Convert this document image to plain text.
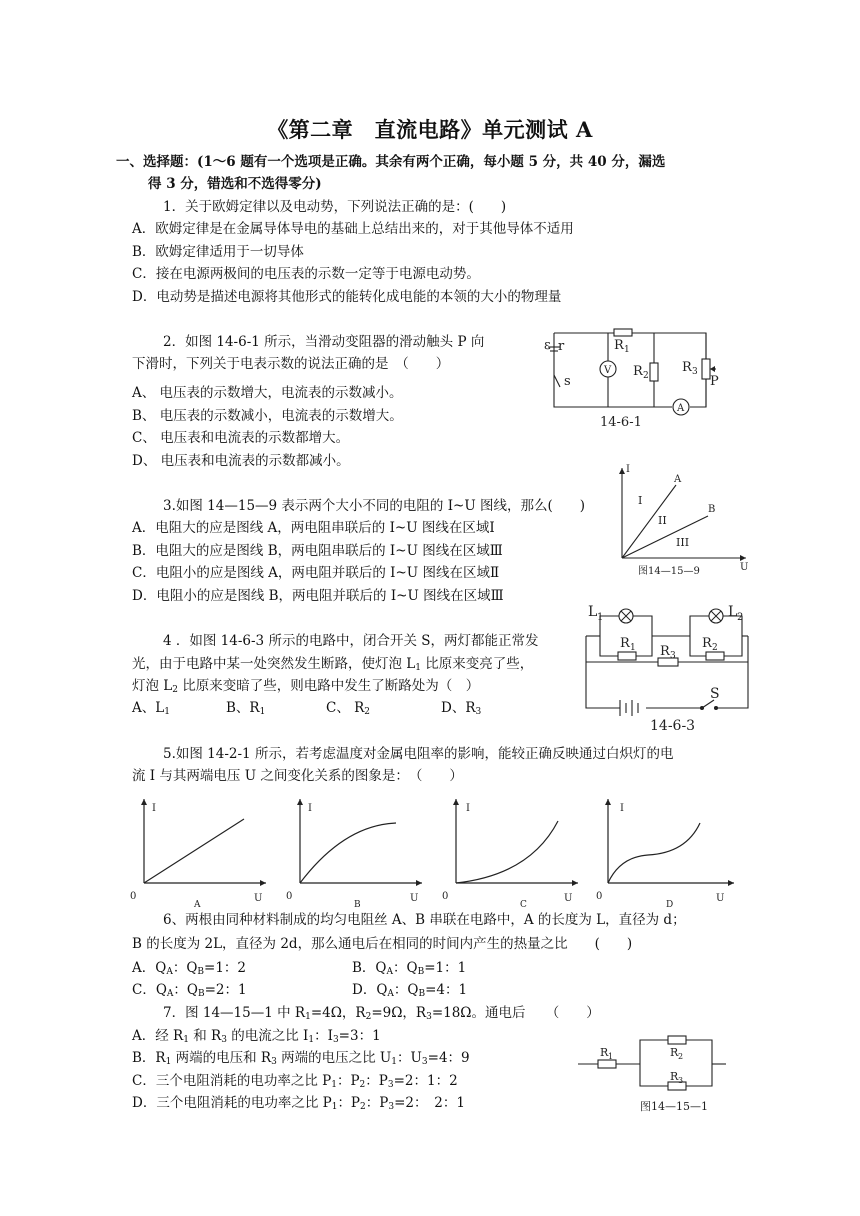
《第二章　直流电路》单元测试 A
一、选择题：(1～6 题有一个选项是正确。其余有两个正确，每小题 5 分，共 40 分，漏选
得 3 分，错选和不选得零分)
1．关于欧姆定律以及电动势，下列说法正确的是：(　　)
A．欧姆定律是在金属导体导电的基础上总结出来的，对于其他导体不适用
B．欧姆定律适用于一切导体
C．接在电源两极间的电压表的示数一定等于电源电动势。
D．电动势是描述电源将其他形式的能转化成电能的本领的大小的物理量
2．如图 14-6-1 所示，当滑动变阻器的滑动触头 P 向
下滑时，下列关于电表示数的说法正确的是　（　　）
A、 电压表的示数增大，电流表的示数减小。
B、 电压表的示数减小，电流表的示数增大。
C、 电压表和电流表的示数都增大。
D、 电压表和电流表的示数都减小。
ε r
s
V
R 1
R 2
R 3
P
A
14-6-1
3.如图 14—15—9 表示两个大小不同的电阻的 I~U 图线，那么(　　)
A．电阻大的应是图线 A，两电阻串联后的 I~U 图线在区域Ⅰ
B．电阻大的应是图线 B，两电阻串联后的 I~U 图线在区域Ⅲ
C．电阻小的应是图线 A，两电阻并联后的 I~U 图线在区域Ⅱ
D．电阻小的应是图线 B，两电阻并联后的 I~U 图线在区域Ⅲ
I
U
A
B
I
II
III
图14—15—9
4 ．如图 14-6-3 所示的电路中，闭合开关 S，两灯都能正常发
光，由于电路中某一处突然发生断路，使灯泡 $L_1$ 比原来变亮了些，
灯泡 $L_2$ 比原来变暗了些，则电路中发生了断路处为（　）
A、$L_1$	B、$R_1$	C、 $R_2$	D、$R_3$
L 1	L 2
R 1	R 2
R 3
S
14-6-3
5.如图 14-2-1 所示，若考虑温度对金属电阻率的影响，能较正确反映通过白炽灯的电
流 I 与其两端电压 U 之间变化关系的图象是：　（　　）
I
0	U
A
I
0	U
B
I
0	U
C
I
0	U
D
6、两根由同种材料制成的均匀电阻丝 A、B 串联在电路中，A 的长度为 L，直径为 d；
B 的长度为 2L，直径为 2d，那么通电后在相同的时间内产生的热量之比　　(　　)
A．$Q_A$：$Q_B=1$：2	B．$Q_A$：$Q_B=1$：1
C．$Q_A$：$Q_B=2$：1	D．$Q_A$：$Q_B=4$：1
7．图 14—15—1 中 $R_1=4\Omega$，$R_2=9\Omega$，$R_3=18\Omega$。通电后　　（　　）
A．经 $R_1$ 和 $R_3$ 的电流之比 $I_1$：$I_3=3$：1
B．$R_1$ 两端的电压和 $R_3$ 两端的电压之比 $U_1$：$U_3=4$：9
C．三个电阻消耗的电功率之比 $P_1$：$P_2$：$P_3=2$：1：2
D．三个电阻消耗的电功率之比 $P_1$：$P_2$：$P_3=2$：　2：1
R 1	R 2
R 3
图14—15—1
